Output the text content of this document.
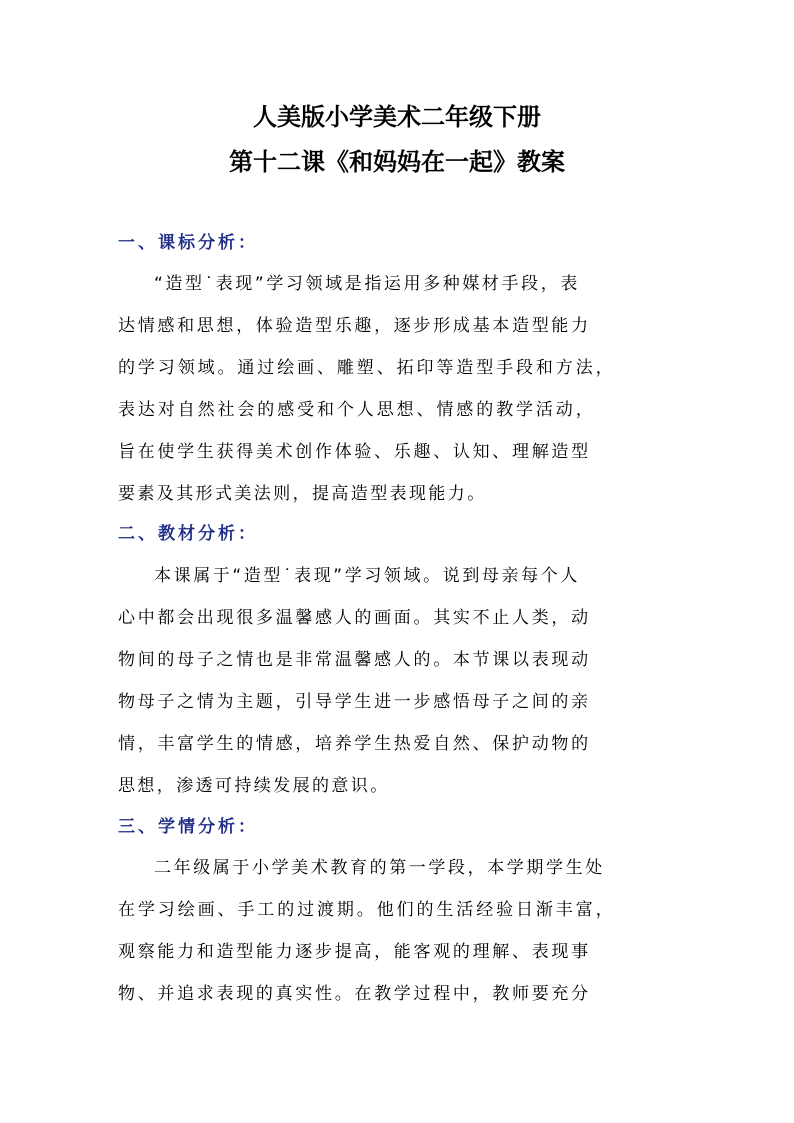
人美版小学美术二年级下册
第十二课《和妈妈在一起》教案
一、课标分析：
“造型˙表现”学习领域是指运用多种媒材手段，表
达情感和思想，体验造型乐趣，逐步形成基本造型能力
的学习领域。通过绘画、雕塑、拓印等造型手段和方法，
表达对自然社会的感受和个人思想、情感的教学活动，
旨在使学生获得美术创作体验、乐趣、认知、理解造型
要素及其形式美法则，提高造型表现能力。
二、教材分析：
本课属于“造型˙表现”学习领域。说到母亲每个人
心中都会出现很多温馨感人的画面。其实不止人类，动
物间的母子之情也是非常温馨感人的。本节课以表现动
物母子之情为主题，引导学生进一步感悟母子之间的亲
情，丰富学生的情感，培养学生热爱自然、保护动物的
思想，渗透可持续发展的意识。
三、学情分析：
二年级属于小学美术教育的第一学段，本学期学生处
在学习绘画、手工的过渡期。他们的生活经验日渐丰富，
观察能力和造型能力逐步提高，能客观的理解、表现事
物、并追求表现的真实性。在教学过程中，教师要充分
